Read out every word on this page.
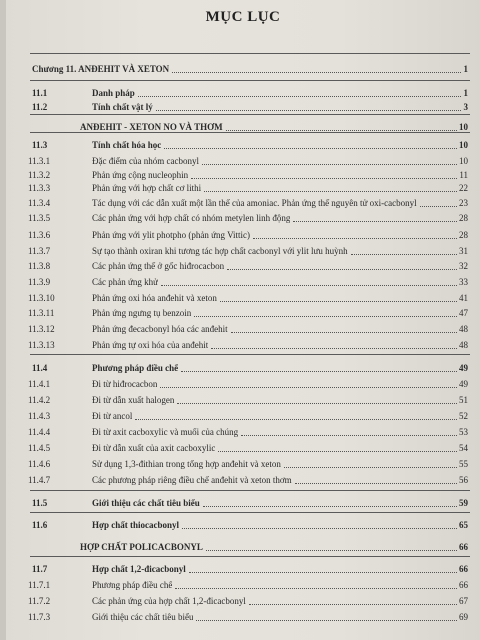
MỤC LỤC
Chương 11. ANĐEHIT VÀ XETON	1
11.1	Danh pháp	1
11.2	Tính chất vật lý	3
ANĐEHIT - XETON NO VÀ THƠM	10
11.3	Tính chất hóa học	10
11.3.1	Đặc điểm của nhóm cacbonyl	10
11.3.2	Phản ứng cộng nucleophin	11
11.3.3	Phản ứng với hợp chất cơ lithi	22
11.3.4	Tác dụng với các dẫn xuất một lần thế của amoniac. Phản ứng thế nguyên tử oxi-cacbonyl	23
11.3.5	Các phản ứng với hợp chất có nhóm metylen linh động	28
11.3.6	Phản ứng với ylit photpho (phản ứng Vittic)	28
11.3.7	Sự tạo thành oxiran khi tương tác hợp chất cacbonyl với ylit lưu huỳnh	31
11.3.8	Các phản ứng thế ở gốc hiđrocacbon	32
11.3.9	Các phản ứng khử	33
11.3.10	Phản ứng oxi hóa anđehit và xeton	41
11.3.11	Phản ứng ngưng tụ benzoin	47
11.3.12	Phản ứng đecacbonyl hóa các anđehit	48
11.3.13	Phản ứng tự oxi hóa của anđehit	48
11.4	Phương pháp điều chế	49
11.4.1	Đi từ hiđrocacbon	49
11.4.2	Đi từ dẫn xuất halogen	51
11.4.3	Đi từ ancol	52
11.4.4	Đi từ axit cacboxylic và muối của chúng	53
11.4.5	Đi từ dẫn xuất của axit cacboxylic	54
11.4.6	Sử dụng 1,3-đithian trong tổng hợp anđehit và xeton	55
11.4.7	Các phương pháp riêng điều chế anđehit và xeton thơm	56
11.5	Giới thiệu các chất tiêu biểu	59
11.6	Hợp chất thiocacbonyl	65
HỢP CHẤT POLICACBONYL	66
11.7	Hợp chất 1,2-đicacbonyl	66
11.7.1	Phương pháp điều chế	66
11.7.2	Các phản ứng của hợp chất 1,2-đicacbonyl	67
11.7.3	Giới thiệu các chất tiêu biểu	69
